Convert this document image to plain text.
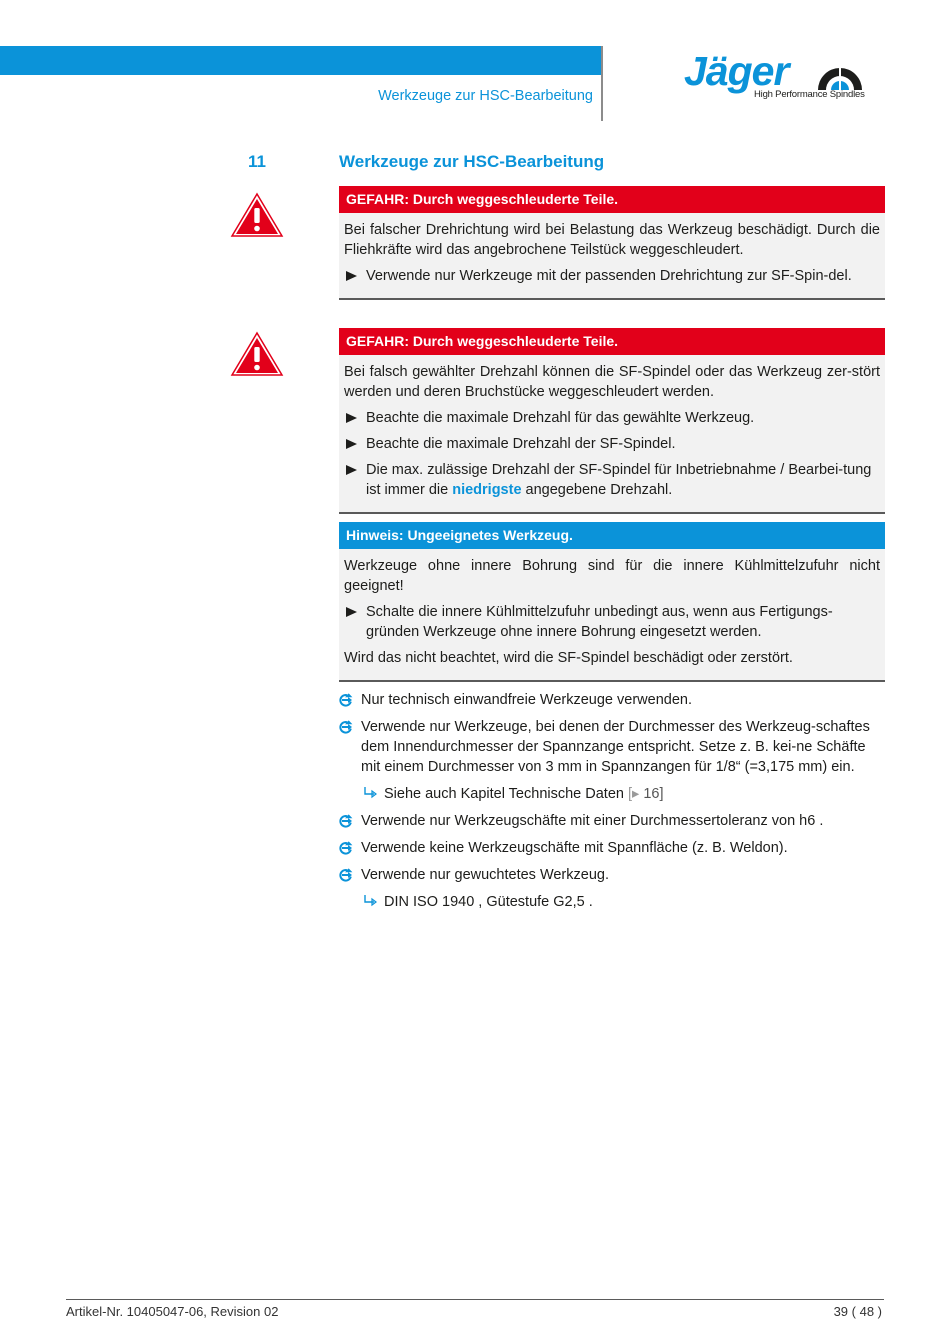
Werkzeuge zur HSC-Bearbeitung
Jäger
High Performance Spindles
11	Werkzeuge zur HSC-Bearbeitung
GEFAHR: Durch weggeschleuderte Teile.

Bei falscher Drehrichtung wird bei Belastung das Werkzeug beschädigt. Durch die Fliehkräfte wird das angebrochene Teilstück weggeschleudert.

Verwende nur Werkzeuge mit der passenden Drehrichtung zur SF-Spin-del.
GEFAHR: Durch weggeschleuderte Teile.

Bei falsch gewählter Drehzahl können die SF-Spindel oder das Werkzeug zer-stört werden und deren Bruchstücke weggeschleudert werden.

Beachte die maximale Drehzahl für das gewählte Werkzeug.
Beachte die maximale Drehzahl der SF-Spindel.
Die max. zulässige Drehzahl der SF-Spindel für Inbetriebnahme / Bearbei-tung ist immer die niedrigste angegebene Drehzahl.
Hinweis: Ungeeignetes Werkzeug.

Werkzeuge ohne innere Bohrung sind für die innere Kühlmittelzufuhr nicht geeignet!

Schalte die innere Kühlmittelzufuhr unbedingt aus, wenn aus Fertigungs-gründen Werkzeuge ohne innere Bohrung eingesetzt werden.

Wird das nicht beachtet, wird die SF-Spindel beschädigt oder zerstört.

Nur technisch einwandfreie Werkzeuge verwenden.
Verwende nur Werkzeuge, bei denen der Durchmesser des Werkzeug-schaftes dem Innendurchmesser der Spannzange entspricht. Setze z. B. kei-ne Schäfte mit einem Durchmesser von 3 mm in Spannzangen für 1/8“ (=3,175 mm) ein.
Siehe auch Kapitel Technische Daten [▸ 16]
Verwende nur Werkzeugschäfte mit einer Durchmessertoleranz von h6 .
Verwende keine Werkzeugschäfte mit Spannfläche (z. B. Weldon).
Verwende nur gewuchtetes Werkzeug.
DIN ISO 1940 , Gütestufe G2,5 .
Artikel-Nr. 10405047-06, Revision 02	39 ( 48 )
